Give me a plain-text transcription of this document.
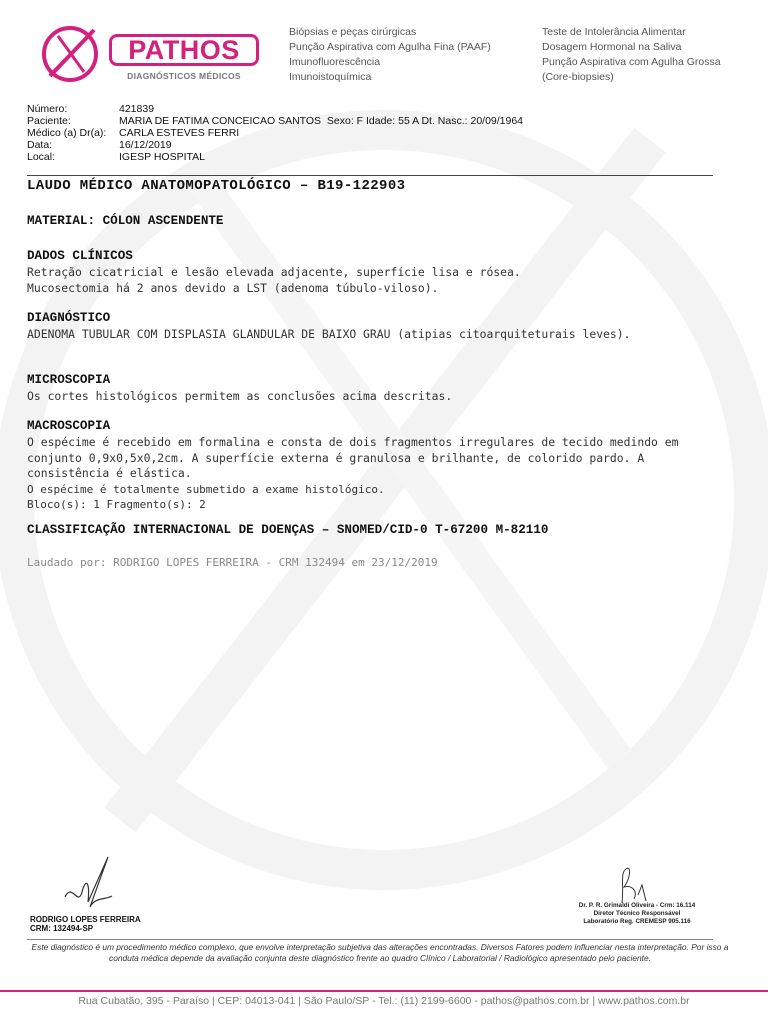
PATHOS
DIAGNÓSTICOS MÉDICOS
Biópsias e peças cirúrgicas
Punção Aspirativa com Agulha Fina (PAAF)
Imunofluorescência
Imunoistoquímica
Teste de Intolerância Alimentar
Dosagem Hormonal na Saliva
Punção Aspirativa com Agulha Grossa
(Core-biopsies)
Número:	421839
Paciente:	MARIA DE FATIMA CONCEICAO SANTOS  Sexo: F Idade: 55 A Dt. Nasc.: 20/09/1964
Médico (a) Dr(a):	CARLA ESTEVES FERRI
Data:	16/12/2019
Local:	IGESP HOSPITAL
LAUDO MÉDICO ANATOMOPATOLÓGICO – B19-122903
MATERIAL: CÓLON ASCENDENTE
DADOS CLÍNICOS
Retração cicatricial e lesão elevada adjacente, superfície lisa e rósea.
Mucosectomia há 2 anos devido a LST (adenoma túbulo-viloso).
DIAGNÓSTICO
ADENOMA TUBULAR COM DISPLASIA GLANDULAR DE BAIXO GRAU (atipias citoarquiteturais leves).
MICROSCOPIA
Os cortes histológicos permitem as conclusões acima descritas.
MACROSCOPIA
O espécime é recebido em formalina e consta de dois fragmentos irregulares de tecido medindo em conjunto 0,9x0,5x0,2cm. A superfície externa é granulosa e brilhante, de colorido pardo. A consistência é elástica.
O espécime é totalmente submetido a exame histológico.
Bloco(s): 1 Fragmento(s): 2
CLASSIFICAÇÃO INTERNACIONAL DE DOENÇAS – SNOMED/CID-0 T-67200 M-82110
Laudado por: RODRIGO LOPES FERREIRA - CRM 132494 em 23/12/2019
RODRIGO LOPES FERREIRA
CRM: 132494-SP
Dr. P. R. Grimaldi Oliveira - Crm: 16.114
Diretor Técnico Responsável
Laboratório Reg. CREMESP 905.116
Este diagnóstico é um procedimento médico complexo, que envolve interpretação subjetiva das alterações encontradas. Diversos Fatores podem influenciar nesta interpretação. Por isso a conduta médica depende da avaliação conjunta deste diagnóstico frente ao quadro Clínico / Laboratorial / Radiológico apresentado pelo paciente.
Rua Cubatão, 395 - Paraíso | CEP: 04013-041 | São Paulo/SP - Tel.: (11) 2199-6600 - pathos@pathos.com.br | www.pathos.com.br
